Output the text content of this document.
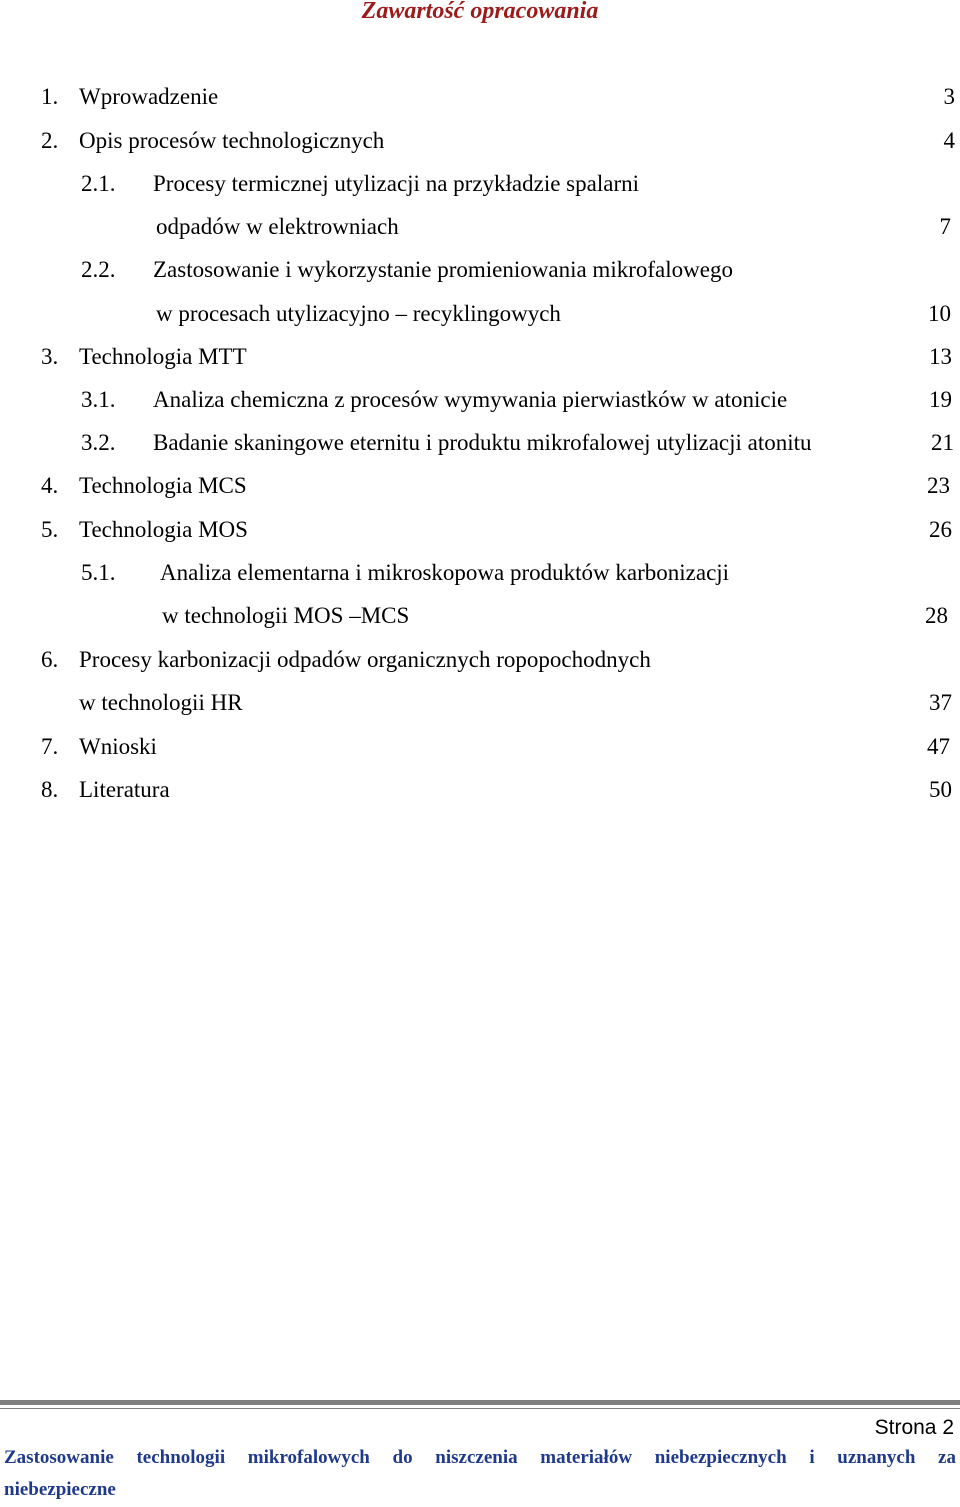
Zawartość opracowania
1. Wprowadzenie	3
2. Opis procesów technologicznych	4
2.1. Procesy termicznej utylizacji na przykładzie spalarni
odpadów w elektrowniach	7
2.2. Zastosowanie i wykorzystanie promieniowania mikrofalowego
w procesach utylizacyjno – recyklingowych	10
3. Technologia MTT	13
3.1. Analiza chemiczna z procesów wymywania pierwiastków w atonicie	19
3.2. Badanie skaningowe eternitu i produktu mikrofalowej utylizacji atonitu	21
4. Technologia MCS	23
5. Technologia MOS	26
5.1. Analiza elementarna i mikroskopowa produktów karbonizacji
w technologii MOS –MCS	28
6. Procesy karbonizacji odpadów organicznych ropopochodnych
w technologii HR	37
7. Wnioski	47
8. Literatura	50
Strona 2
Zastosowanie technologii mikrofalowych do niszczenia materiałów niebezpiecznych i uznanych za
niebezpieczne
